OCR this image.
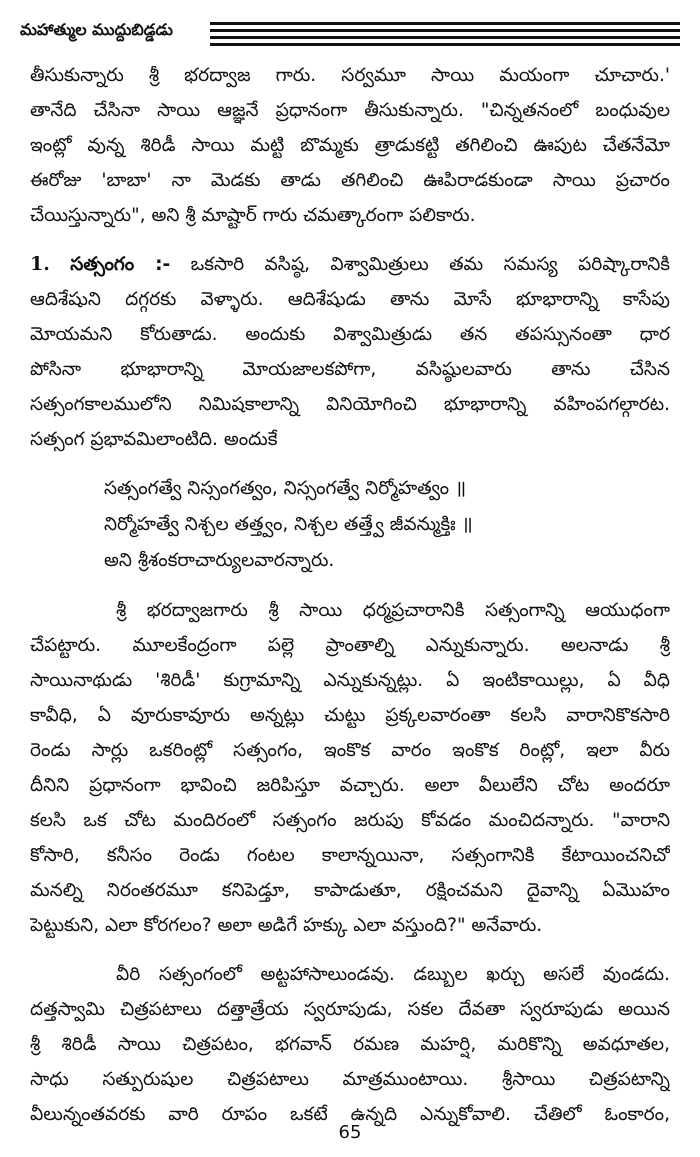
మహాత్ముల ముద్దుబిడ్డడు
తీసుకున్నారు శ్రీ భరద్వాజ గారు. సర్వమూ సాయి మయంగా చూచారు.'
తానేది చేసినా సాయి ఆజ్ఞనే ప్రధానంగా తీసుకున్నారు. "చిన్నతనంలో బంధువుల
ఇంట్లో వున్న శిరిడీ సాయి మట్టి బొమ్మకు త్రాడుకట్టి తగిలించి ఊపుట చేతనేమో
ఈరోజు 'బాబా' నా మెడకు తాడు తగిలించి ఊపిరాడకుండా సాయి ప్రచారం
చేయిస్తున్నారు", అని శ్రీ మాష్టార్ గారు చమత్కారంగా పలికారు.
1. సత్సంగం :- ఒకసారి వసిష్ఠ, విశ్వామిత్రులు తమ సమస్య పరిష్కారానికి
ఆదిశేషుని దగ్గరకు వెళ్ళారు. ఆదిశేషుడు తాను మోసే భూభారాన్ని కాసేపు
మోయమని కోరుతాడు. అందుకు విశ్వామిత్రుడు తన తపస్సునంతా ధార
పోసినా భూభారాన్ని మోయజాలకపోగా, వసిష్ఠులవారు తాను చేసిన
సత్సంగకాలములోని నిమిషకాలాన్ని వినియోగించి భూభారాన్ని వహింపగల్గారట.
సత్సంగ ప్రభావమిలాంటిది. అందుకే
సత్సంగత్వే నిస్సంగత్వం, నిస్సంగత్వే నిర్మోహత్వం ॥
నిర్మోహత్వే నిశ్చల తత్త్వం, నిశ్చల తత్త్వే జీవన్ముక్తిః ॥
అని శ్రీశంకరాచార్యులవారన్నారు.
శ్రీ భరద్వాజగారు శ్రీ సాయి ధర్మప్రచారానికి సత్సంగాన్ని ఆయుధంగా
చేపట్టారు. మూలకేంద్రంగా పల్లె ప్రాంతాల్ని ఎన్నుకున్నారు. అలనాడు శ్రీ
సాయినాథుడు 'శిరిడీ' కుగ్రామాన్ని ఎన్నుకున్నట్లు. ఏ ఇంటికాయిల్లు, ఏ వీధి
కావీధి, ఏ వూరుకావూరు అన్నట్లు చుట్టు ప్రక్కలవారంతా కలసి వారానికొకసారి
రెండు సార్లు ఒకరింట్లో సత్సంగం, ఇంకొక వారం ఇంకొక రింట్లో, ఇలా వీరు
దీనిని ప్రధానంగా భావించి జరిపిస్తూ వచ్చారు. అలా వీలులేని చోట అందరూ
కలసి ఒక చోట మందిరంలో సత్సంగం జరుపు కోవడం మంచిదన్నారు. "వారాని
కోసారి, కనీసం రెండు గంటల కాలాన్నయినా, సత్సంగానికి కేటాయించనిచో
మనల్ని నిరంతరమూ కనిపెడ్తూ, కాపాడుతూ, రక్షించమని దైవాన్ని ఏమొహం
పెట్టుకుని, ఎలా కోరగలం? అలా అడిగే హక్కు ఎలా వస్తుంది?" అనేవారు.
వీరి సత్సంగంలో అట్టహాసాలుండవు. డబ్బుల ఖర్చు అసలే వుండదు.
దత్తస్వామి చిత్రపటాలు దత్తాత్రేయ స్వరూపుడు, సకల దేవతా స్వరూపుడు అయిన
శ్రీ శిరిడీ సాయి చిత్రపటం, భగవాన్ రమణ మహర్షి, మరికొన్ని అవధూతల,
సాధు సత్పురుషుల చిత్రపటాలు మాత్రముంటాయి. శ్రీసాయి చిత్రపటాన్ని
వీలున్నంతవరకు వారి రూపం ఒకటే ఉన్నది ఎన్నుకోవాలి. చేతిలో ఓంకారం,
65
